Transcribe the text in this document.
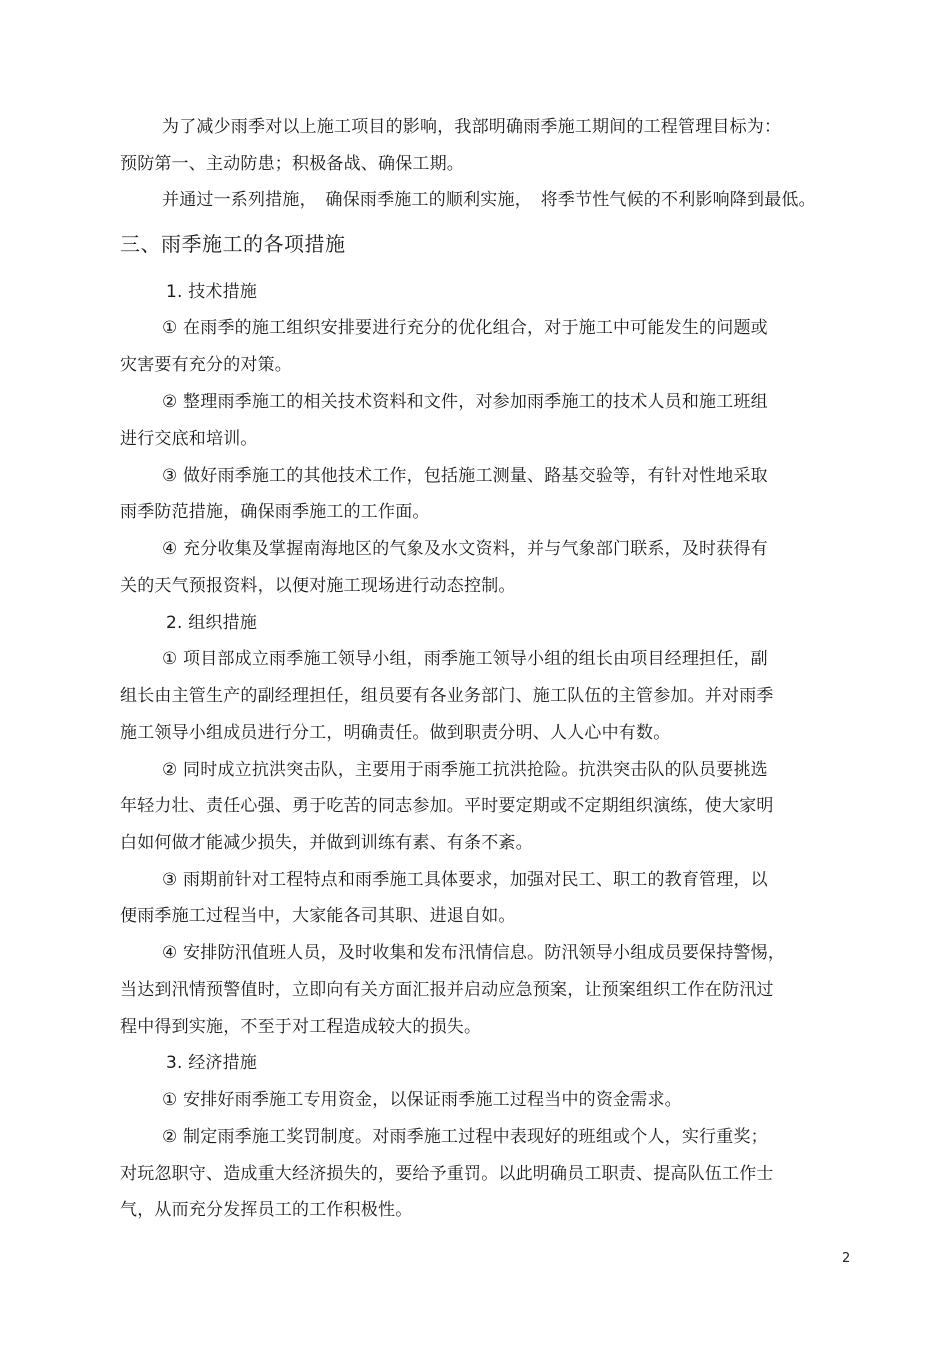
为了减少雨季对以上施工项目的影响，我部明确雨季施工期间的工程管理目标为：
预防第一、主动防患；积极备战、确保工期。
并通过一系列措施，　确保雨季施工的顺利实施，　将季节性气候的不利影响降到最低。
三、雨季施工的各项措施
1. 技术措施
① 在雨季的施工组织安排要进行充分的优化组合，对于施工中可能发生的问题或
灾害要有充分的对策。
② 整理雨季施工的相关技术资料和文件，对参加雨季施工的技术人员和施工班组
进行交底和培训。
③ 做好雨季施工的其他技术工作，包括施工测量、路基交验等，有针对性地采取
雨季防范措施，确保雨季施工的工作面。
④ 充分收集及掌握南海地区的气象及水文资料，并与气象部门联系，及时获得有
关的天气预报资料，以便对施工现场进行动态控制。
2. 组织措施
① 项目部成立雨季施工领导小组，雨季施工领导小组的组长由项目经理担任，副
组长由主管生产的副经理担任，组员要有各业务部门、施工队伍的主管参加。并对雨季
施工领导小组成员进行分工，明确责任。做到职责分明、人人心中有数。
② 同时成立抗洪突击队，主要用于雨季施工抗洪抢险。抗洪突击队的队员要挑选
年轻力壮、责任心强、勇于吃苦的同志参加。平时要定期或不定期组织演练，使大家明
白如何做才能减少损失，并做到训练有素、有条不紊。
③ 雨期前针对工程特点和雨季施工具体要求，加强对民工、职工的教育管理，以
便雨季施工过程当中，大家能各司其职、进退自如。
④ 安排防汛值班人员，及时收集和发布汛情信息。防汛领导小组成员要保持警惕，
当达到汛情预警值时，立即向有关方面汇报并启动应急预案，让预案组织工作在防汛过
程中得到实施，不至于对工程造成较大的损失。
3. 经济措施
① 安排好雨季施工专用资金，以保证雨季施工过程当中的资金需求。
② 制定雨季施工奖罚制度。对雨季施工过程中表现好的班组或个人，实行重奖；
对玩忽职守、造成重大经济损失的，要给予重罚。以此明确员工职责、提高队伍工作士
气，从而充分发挥员工的工作积极性。
2
